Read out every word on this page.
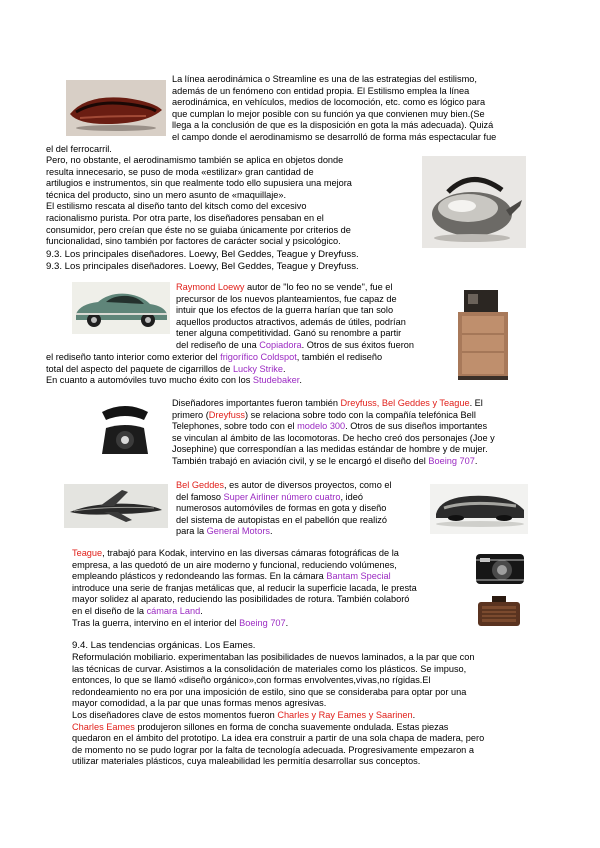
La línea aerodinámica o Streamline es una de las estrategias del estilismo,

además de un fenómeno con entidad propia. El Estilismo emplea la línea

aerodinámica, en vehículos, medios de locomoción, etc. como es lógico para

que cumplan lo mejor posible con su función ya que convienen muy bien.(Se

llega a la conclusión de que es la disposición en gota la más adecuada). Quizá

el campo donde el aerodinamismo se desarrolló de forma más espectacular fue

el del ferrocarril.

Pero, no obstante, el aerodinamismo también se aplica en objetos donde

resulta innecesario, se puso de moda «estilizar» gran cantidad de

artilugios e instrumentos, sin que realmente todo ello supusiera una mejora

técnica del producto, sino un mero asunto de «maquillaje».

El estilismo rescata al diseño tanto del kitsch como del excesivo

racionalismo purista. Por otra parte, los diseñadores pensaban en el

consumidor, pero creían que éste no se guiaba únicamente por criterios de

funcionalidad, sino también por factores de carácter social y psicológico.

9.3. Los principales diseñadores. Loewy, Bel Geddes, Teague y Dreyfuss.

9.3. Los principales diseñadores. Loewy, Bel Geddes, Teague y Dreyfuss.

Raymond Loewy autor de "lo feo no se vende", fue el

precursor de los nuevos planteamientos, fue capaz de

intuir que los efectos de la guerra harían que tan solo

aquellos productos atractivos, además de útiles, podrían

tener alguna competitividad. Ganó su renombre a partir

del rediseño de una Copiadora. Otros de sus éxitos fueron

el rediseño tanto interior como exterior del frigorífico Coldspot, también el rediseño

total del aspecto del paquete de cigarrillos de Lucky Strike.

En cuanto a automóviles tuvo mucho éxito con los Studebaker.

Diseñadores importantes fueron también Dreyfuss, Bel Geddes y Teague. El

primero (Dreyfuss) se relaciona sobre todo con la compañía telefónica Bell

Telephones, sobre todo con el modelo 300. Otros de sus diseños importantes

se vinculan al ámbito de las locomotoras. De hecho creó dos personajes (Joe y

Josephine) que correspondían a las medidas estándar de hombre y de mujer.

También trabajó en aviación civil, y se le encargó el diseño del Boeing 707.

Bel Geddes, es autor de diversos proyectos, como el

del famoso Super Airliner número cuatro, ideó

numerosos automóviles de formas en gota y diseño

del sistema de autopistas en el pabellón que realizó

para la General Motors.

Teague, trabajó para Kodak, intervino en las diversas cámaras fotográficas de la

empresa, a las quedotó de un aire moderno y funcional, reduciendo volúmenes,

empleando plásticos y redondeando las formas. En la cámara Bantam Special

introduce una serie de franjas metálicas que, al reducir la superficie lacada, le presta

mayor solidez al aparato, reduciendo las posibilidades de rotura. También colaboró

en el diseño de la cámara Land.

Tras la guerra, intervino en el interior del Boeing 707.

9.4. Las tendencias orgánicas. Los Eames.

Reformulación mobiliario. experimentaban las posibilidades de nuevos laminados, a la par que con

las técnicas de curvar. Asistimos a la consolidación de materiales como los plásticos. Se impuso,

entonces, lo que se llamó «diseño orgánico»,con formas envolventes,vivas,no rígidas.El

redondeamiento no era por una imposición de estilo, sino que se consideraba para optar por una

mayor comodidad, a la par que unas formas menos agresivas.

Los diseñadores clave de estos momentos fueron Charles y Ray Eames y Saarinen.

Charles Eames produjeron sillones en forma de concha suavemente ondulada. Estas piezas

quedaron en el ámbito del prototipo. La idea era construir a partir de una sola chapa de madera, pero

de momento no se pudo lograr por la falta de tecnología adecuada. Progresivamente empezaron a

utilizar materiales plásticos, cuya maleabilidad les permitía desarrollar sus conceptos.
